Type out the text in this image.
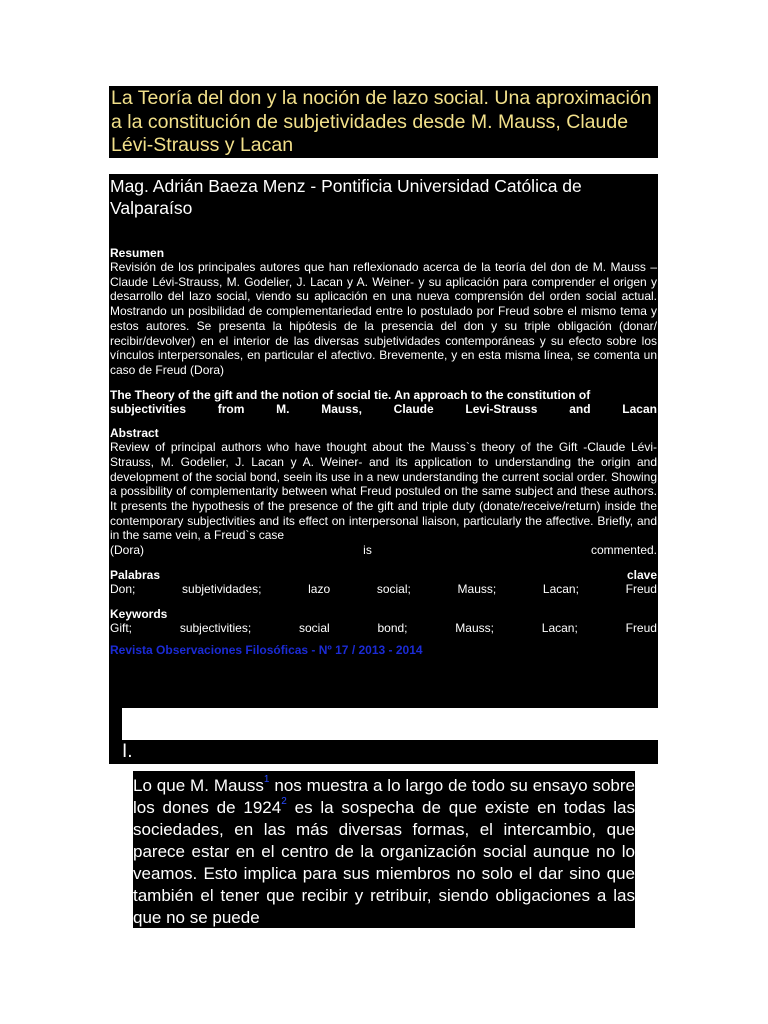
La Teoría del don y la noción de lazo social. Una aproximación a la constitución de subjetividades desde M. Mauss, Claude Lévi-Strauss y Lacan
Mag. Adrián Baeza Menz - Pontificia Universidad Católica de Valparaíso
Resumen
Revisión de los principales autores que han reflexionado acerca de la teoría del don de M. Mauss – Claude Lévi-Strauss, M. Godelier, J. Lacan y A. Weiner- y su aplicación para comprender el origen y desarrollo del lazo social, viendo su aplicación en una nueva comprensión del orden social actual. Mostrando un posibilidad de complementariedad entre lo postulado por Freud sobre el mismo tema y estos autores. Se presenta la hipótesis de la presencia del don y su triple obligación (donar/ recibir/devolver) en el interior de las diversas subjetividades contemporáneas y su efecto sobre los vínculos interpersonales, en particular el afectivo. Brevemente, y en esta misma línea, se comenta un caso de Freud (Dora)
The Theory of the gift and the notion of social tie. An approach to the constitution of
subjectivities	from	M.	Mauss,	Claude	Levi-Strauss	and	Lacan
Abstract
Review of principal authors who have thought about the Mauss`s theory of the Gift -Claude Lévi-Strauss, M. Godelier, J. Lacan y A. Weiner- and its application to understanding the origin and development of the social bond, seein its use in a new understanding the current social order. Showing a possibility of complementarity between what Freud postuled on the same subject and these authors. It presents the hypothesis of the presence of the gift and triple duty (donate/receive/return) inside the contemporary subjectivities and its effect on interpersonal liaison, particularly the affective. Briefly, and in the same vein, a Freud`s case
(Dora)	is	commented.
Palabras	clave
Don;	subjetividades;	lazo	social;	Mauss;	Lacan;	Freud
Keywords
Gift;	subjectivities;	social	bond;	Mauss;	Lacan;	Freud
Revista Observaciones Filosóficas - Nº 17 / 2013 - 2014
I.
Lo que M. Mauss$^1$ nos muestra a lo largo de todo su ensayo sobre los dones de 1924$^2$ es la sospecha de que existe en todas las sociedades, en las más diversas formas, el intercambio, que parece estar en el centro de la organización social aunque no lo veamos. Esto implica para sus miembros no solo el dar sino que también el tener que recibir y retribuir, siendo obligaciones a las que no se puede
